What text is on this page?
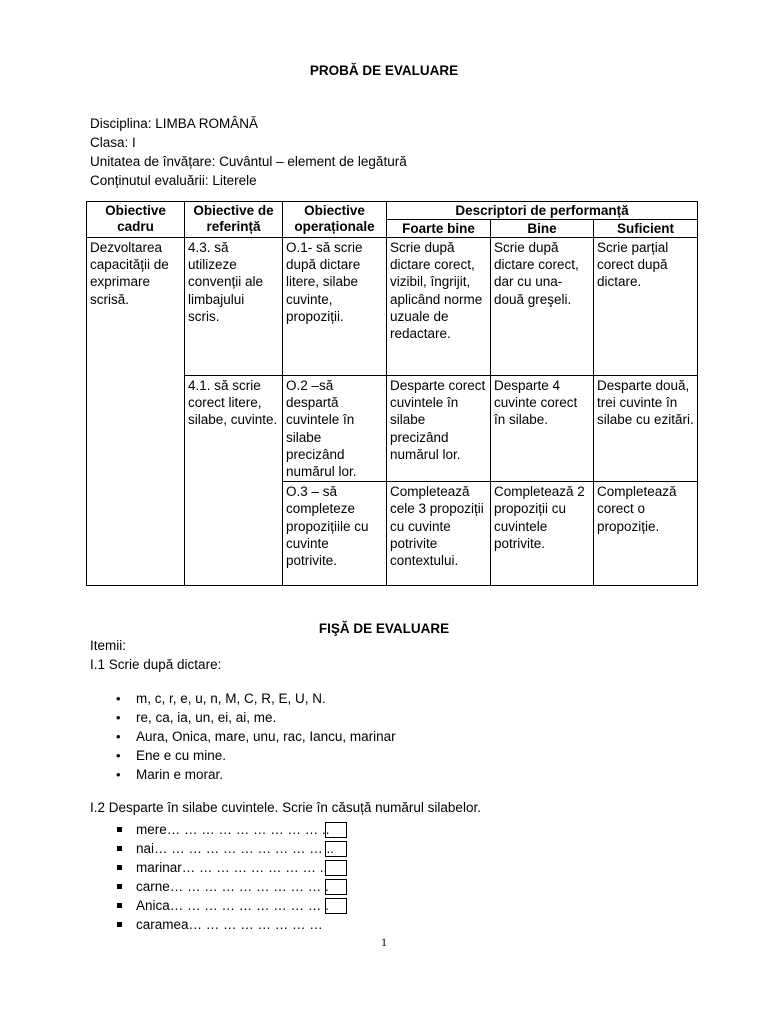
PROBĂ DE EVALUARE
Disciplina: LIMBA ROMÂNĂ
Clasa: I
Unitatea de învățare: Cuvântul – element de legătură
Conținutul evaluării: Literele
Obiective cadru	Obiective de referință	Obiective operaționale	Descriptori de performanță		
			Foarte bine	Bine	Suficient
Dezvoltarea capacității de exprimare scrisă.	4.3. să utilizeze convenții ale limbajului scris.	O.1- să scrie după dictare litere, silabe cuvinte, propoziții.	Scrie după dictare corect, vizibil, îngrijit, aplicând norme uzuale de redactare.	Scrie după dictare corect, dar cu una- două greşeli.	Scrie parțial corect după dictare.
	4.1. să scrie corect litere, silabe, cuvinte.	O.2 –să despartă cuvintele în silabe precizând numărul lor.	Desparte corect cuvintele în silabe precizând numărul lor.	Desparte 4 cuvinte corect în silabe.	Desparte două, trei cuvinte în silabe cu ezitări.
		O.3 – să completeze propozițiile cu cuvinte potrivite.	Completează cele 3 propoziții cu cuvinte potrivite contextului.	Completează 2 propoziții cu cuvintele potrivite.	Completează corect o propoziție.
FIŞĂ DE EVALUARE
Itemii:
I.1 Scrie după dictare:
• m, c, r, e, u, n, M, C, R, E, U, N.
• re, ca, ia, un, ei, ai, me.
• Aura, Onica, mare, unu, rac, Iancu, marinar
• Ene e cu mine.
• Marin e morar.
I.2 Desparte în silabe cuvintele. Scrie în căsuță numărul silabelor.
mere… … … … … … … … … ..
nai… … … … … … … … … … ..
marinar… … … … … … … … ..
carne… … … … … … … … … .
Anica… … … … … … … … … .
caramea… … … … … … … …
1
